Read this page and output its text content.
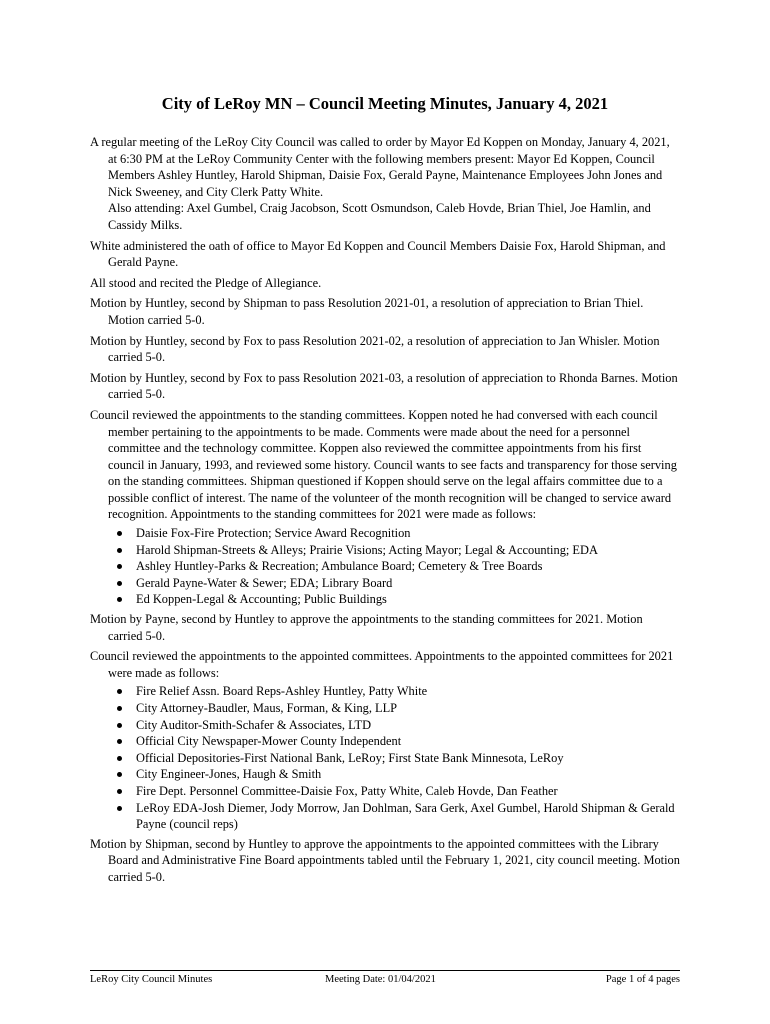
City of LeRoy MN – Council Meeting Minutes, January 4, 2021

A regular meeting of the LeRoy City Council was called to order by Mayor Ed Koppen on Monday, January 4, 2021, at 6:30 PM at the LeRoy Community Center with the following members present: Mayor Ed Koppen, Council Members Ashley Huntley, Harold Shipman, Daisie Fox, Gerald Payne, Maintenance Employees John Jones and Nick Sweeney, and City Clerk Patty White.
Also attending: Axel Gumbel, Craig Jacobson, Scott Osmundson, Caleb Hovde, Brian Thiel, Joe Hamlin, and Cassidy Milks.

White administered the oath of office to Mayor Ed Koppen and Council Members Daisie Fox, Harold Shipman, and Gerald Payne.

All stood and recited the Pledge of Allegiance.

Motion by Huntley, second by Shipman to pass Resolution 2021-01, a resolution of appreciation to Brian Thiel. Motion carried 5-0.

Motion by Huntley, second by Fox to pass Resolution 2021-02, a resolution of appreciation to Jan Whisler. Motion carried 5-0.

Motion by Huntley, second by Fox to pass Resolution 2021-03, a resolution of appreciation to Rhonda Barnes. Motion carried 5-0.

Council reviewed the appointments to the standing committees. Koppen noted he had conversed with each council member pertaining to the appointments to be made. Comments were made about the need for a personnel committee and the technology committee. Koppen also reviewed the committee appointments from his first council in January, 1993, and reviewed some history. Council wants to see facts and transparency for those serving on the standing committees. Shipman questioned if Koppen should serve on the legal affairs committee due to a possible conflict of interest. The name of the volunteer of the month recognition will be changed to service award recognition. Appointments to the standing committees for 2021 were made as follows:

Daisie Fox-Fire Protection; Service Award Recognition
Harold Shipman-Streets & Alleys; Prairie Visions; Acting Mayor; Legal & Accounting; EDA
Ashley Huntley-Parks & Recreation; Ambulance Board; Cemetery & Tree Boards
Gerald Payne-Water & Sewer; EDA; Library Board
Ed Koppen-Legal & Accounting; Public Buildings

Motion by Payne, second by Huntley to approve the appointments to the standing committees for 2021. Motion carried 5-0.

Council reviewed the appointments to the appointed committees. Appointments to the appointed committees for 2021 were made as follows:

Fire Relief Assn. Board Reps-Ashley Huntley, Patty White
City Attorney-Baudler, Maus, Forman, & King, LLP
City Auditor-Smith-Schafer & Associates, LTD
Official City Newspaper-Mower County Independent
Official Depositories-First National Bank, LeRoy; First State Bank Minnesota, LeRoy
City Engineer-Jones, Haugh & Smith
Fire Dept. Personnel Committee-Daisie Fox, Patty White, Caleb Hovde, Dan Feather
LeRoy EDA-Josh Diemer, Jody Morrow, Jan Dohlman, Sara Gerk, Axel Gumbel, Harold Shipman & Gerald Payne (council reps)

Motion by Shipman, second by Huntley to approve the appointments to the appointed committees with the Library Board and Administrative Fine Board appointments tabled until the February 1, 2021, city council meeting. Motion carried 5-0.

LeRoy City Council Minutes	Meeting Date: 01/04/2021	Page 1 of 4 pages
